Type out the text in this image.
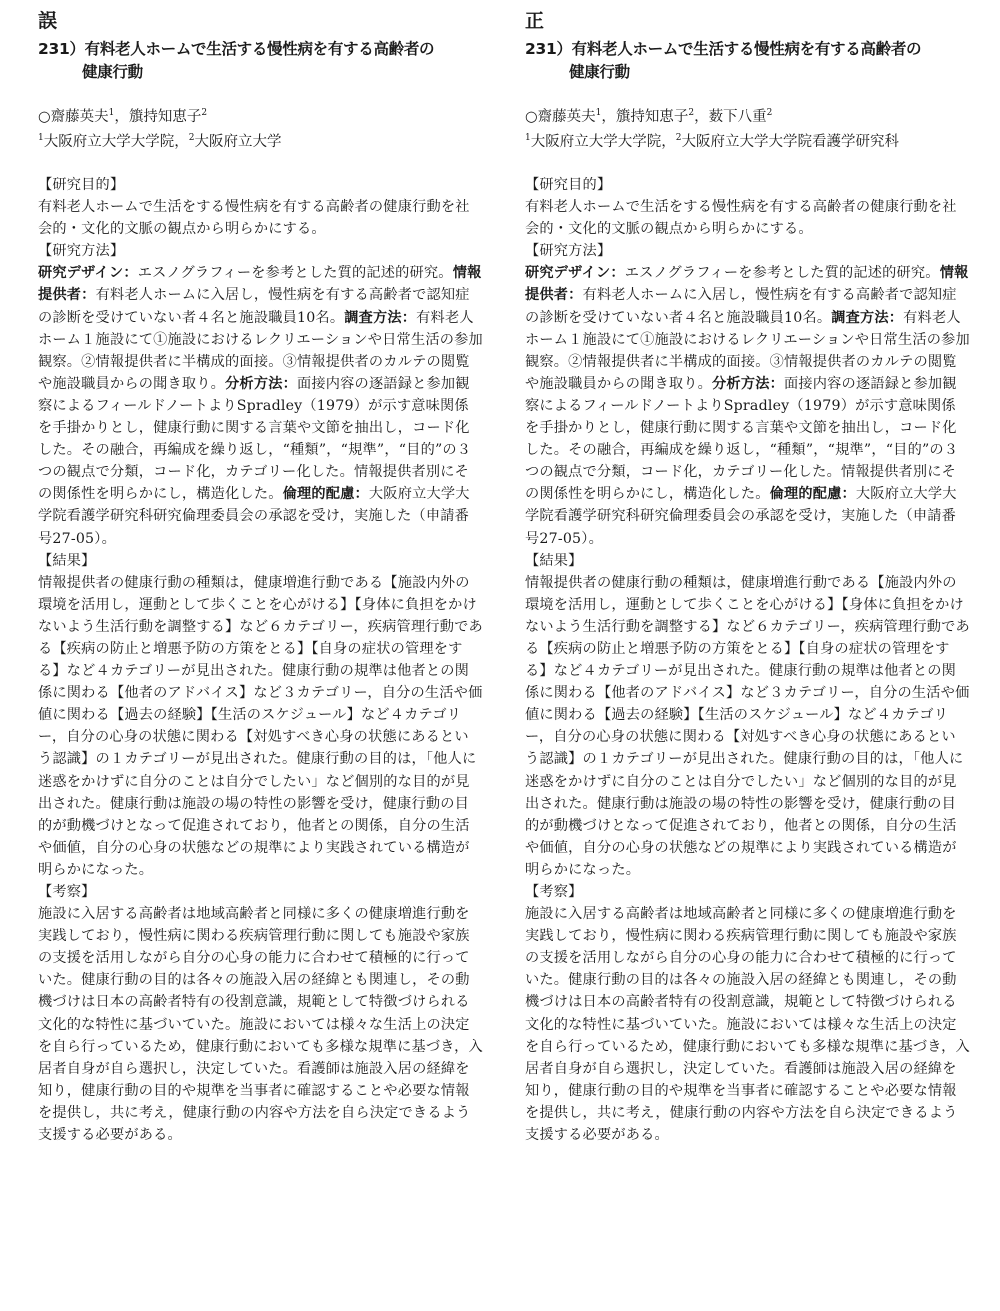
誤
231）有料老人ホームで生活する慢性病を有する高齢者の
健康行動
○齋藤英夫$^1$，籏持知恵子$^2$
$^1$大阪府立大学大学院，$^2$大阪府立大学
【研究目的】

有料老人ホームで生活をする慢性病を有する高齢者の健康行動を社会的・文化的文脈の観点から明らかにする。

【研究方法】

研究デザイン：エスノグラフィーを参考とした質的記述的研究。情報提供者：有料老人ホームに入居し，慢性病を有する高齢者で認知症の診断を受けていない者４名と施設職員10名。調査方法：有料老人ホーム１施設にて①施設におけるレクリエーションや日常生活の参加観察。②情報提供者に半構成的面接。③情報提供者のカルテの閲覧や施設職員からの聞き取り。分析方法：面接内容の逐語録と参加観察によるフィールドノートよりSpradley（1979）が示す意味関係を手掛かりとし，健康行動に関する言葉や文節を抽出し，コード化した。その融合，再編成を繰り返し，“種類”，“規準”，“目的”の３つの観点で分類，コード化，カテゴリー化した。情報提供者別にその関係性を明らかにし，構造化した。倫理的配慮：大阪府立大学大学院看護学研究科研究倫理委員会の承認を受け，実施した（申請番号27-05）。

【結果】

情報提供者の健康行動の種類は，健康増進行動である【施設内外の環境を活用し，運動として歩くことを心がける】【身体に負担をかけないよう生活行動を調整する】など６カテゴリー，疾病管理行動である【疾病の防止と増悪予防の方策をとる】【自身の症状の管理をする】など４カテゴリーが見出された。健康行動の規準は他者との関係に関わる【他者のアドバイス】など３カテゴリー，自分の生活や価値に関わる【過去の経験】【生活のスケジュール】など４カテゴリー，自分の心身の状態に関わる【対処すべき心身の状態にあるという認識】の１カテゴリーが見出された。健康行動の目的は，「他人に迷惑をかけずに自分のことは自分でしたい」など個別的な目的が見出された。健康行動は施設の場の特性の影響を受け，健康行動の目的が動機づけとなって促進されており，他者との関係，自分の生活や価値，自分の心身の状態などの規準により実践されている構造が明らかになった。

【考察】

施設に入居する高齢者は地域高齢者と同様に多くの健康増進行動を実践しており，慢性病に関わる疾病管理行動に関しても施設や家族の支援を活用しながら自分の心身の能力に合わせて積極的に行っていた。健康行動の目的は各々の施設入居の経緯とも関連し，その動機づけは日本の高齢者特有の役割意識，規範として特徴づけられる文化的な特性に基づいていた。施設においては様々な生活上の決定を自ら行っているため，健康行動においても多様な規準に基づき，入居者自身が自ら選択し，決定していた。看護師は施設入居の経緯を知り，健康行動の目的や規準を当事者に確認することや必要な情報を提供し，共に考え，健康行動の内容や方法を自ら決定できるよう支援する必要がある。

正
231）有料老人ホームで生活する慢性病を有する高齢者の
健康行動
○齋藤英夫$^1$，籏持知恵子$^2$，薮下八重$^2$
$^1$大阪府立大学大学院，$^2$大阪府立大学大学院看護学研究科
【研究目的】

有料老人ホームで生活をする慢性病を有する高齢者の健康行動を社会的・文化的文脈の観点から明らかにする。

【研究方法】

研究デザイン：エスノグラフィーを参考とした質的記述的研究。情報提供者：有料老人ホームに入居し，慢性病を有する高齢者で認知症の診断を受けていない者４名と施設職員10名。調査方法：有料老人ホーム１施設にて①施設におけるレクリエーションや日常生活の参加観察。②情報提供者に半構成的面接。③情報提供者のカルテの閲覧や施設職員からの聞き取り。分析方法：面接内容の逐語録と参加観察によるフィールドノートよりSpradley（1979）が示す意味関係を手掛かりとし，健康行動に関する言葉や文節を抽出し，コード化した。その融合，再編成を繰り返し，“種類”，“規準”，“目的”の３つの観点で分類，コード化，カテゴリー化した。情報提供者別にその関係性を明らかにし，構造化した。倫理的配慮：大阪府立大学大学院看護学研究科研究倫理委員会の承認を受け，実施した（申請番号27-05）。

【結果】

情報提供者の健康行動の種類は，健康増進行動である【施設内外の環境を活用し，運動として歩くことを心がける】【身体に負担をかけないよう生活行動を調整する】など６カテゴリー，疾病管理行動である【疾病の防止と増悪予防の方策をとる】【自身の症状の管理をする】など４カテゴリーが見出された。健康行動の規準は他者との関係に関わる【他者のアドバイス】など３カテゴリー，自分の生活や価値に関わる【過去の経験】【生活のスケジュール】など４カテゴリー，自分の心身の状態に関わる【対処すべき心身の状態にあるという認識】の１カテゴリーが見出された。健康行動の目的は，「他人に迷惑をかけずに自分のことは自分でしたい」など個別的な目的が見出された。健康行動は施設の場の特性の影響を受け，健康行動の目的が動機づけとなって促進されており，他者との関係，自分の生活や価値，自分の心身の状態などの規準により実践されている構造が明らかになった。

【考察】

施設に入居する高齢者は地域高齢者と同様に多くの健康増進行動を実践しており，慢性病に関わる疾病管理行動に関しても施設や家族の支援を活用しながら自分の心身の能力に合わせて積極的に行っていた。健康行動の目的は各々の施設入居の経緯とも関連し，その動機づけは日本の高齢者特有の役割意識，規範として特徴づけられる文化的な特性に基づいていた。施設においては様々な生活上の決定を自ら行っているため，健康行動においても多様な規準に基づき，入居者自身が自ら選択し，決定していた。看護師は施設入居の経緯を知り，健康行動の目的や規準を当事者に確認することや必要な情報を提供し，共に考え，健康行動の内容や方法を自ら決定できるよう支援する必要がある。
